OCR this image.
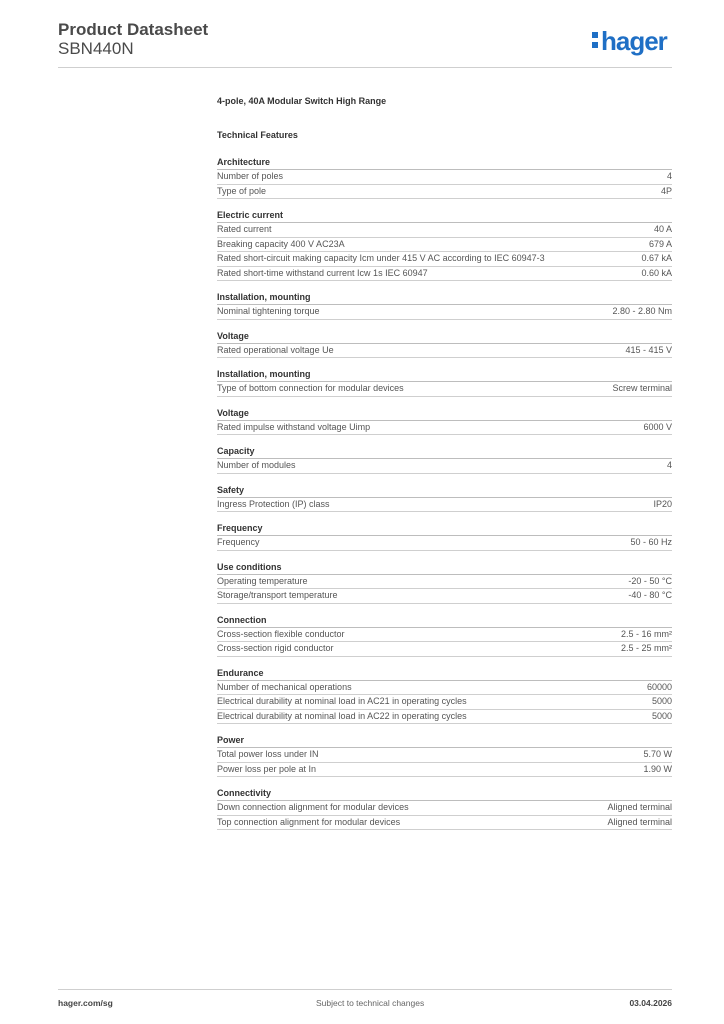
Product Datasheet
SBN440N	hager
4-pole, 40A Modular Switch High Range
Technical Features
Architecture
Number of poles	4
Type of pole	4P
Electric current
Rated current	40 A
Breaking capacity 400 V AC23A	679 A
Rated short-circuit making capacity Icm under 415 V AC according to IEC 60947-3	0.67 kA
Rated short-time withstand current Icw 1s IEC 60947	0.60 kA
Installation, mounting
Nominal tightening torque	2.80 - 2.80 Nm
Voltage
Rated operational voltage Ue	415 - 415 V
Installation, mounting
Type of bottom connection for modular devices	Screw terminal
Voltage
Rated impulse withstand voltage Uimp	6000 V
Capacity
Number of modules	4
Safety
Ingress Protection (IP) class	IP20
Frequency
Frequency	50 - 60 Hz
Use conditions
Operating temperature	-20 - 50 °C
Storage/transport temperature	-40 - 80 °C
Connection
Cross-section flexible conductor	2.5 - 16 mm²
Cross-section rigid conductor	2.5 - 25 mm²
Endurance
Number of mechanical operations	60000
Electrical durability at nominal load in AC21 in operating cycles	5000
Electrical durability at nominal load in AC22 in operating cycles	5000
Power
Total power loss under IN	5.70 W
Power loss per pole at In	1.90 W
Connectivity
Down connection alignment for modular devices	Aligned terminal
Top connection alignment for modular devices	Aligned terminal
hager.com/sg	Subject to technical changes	03.04.2026
